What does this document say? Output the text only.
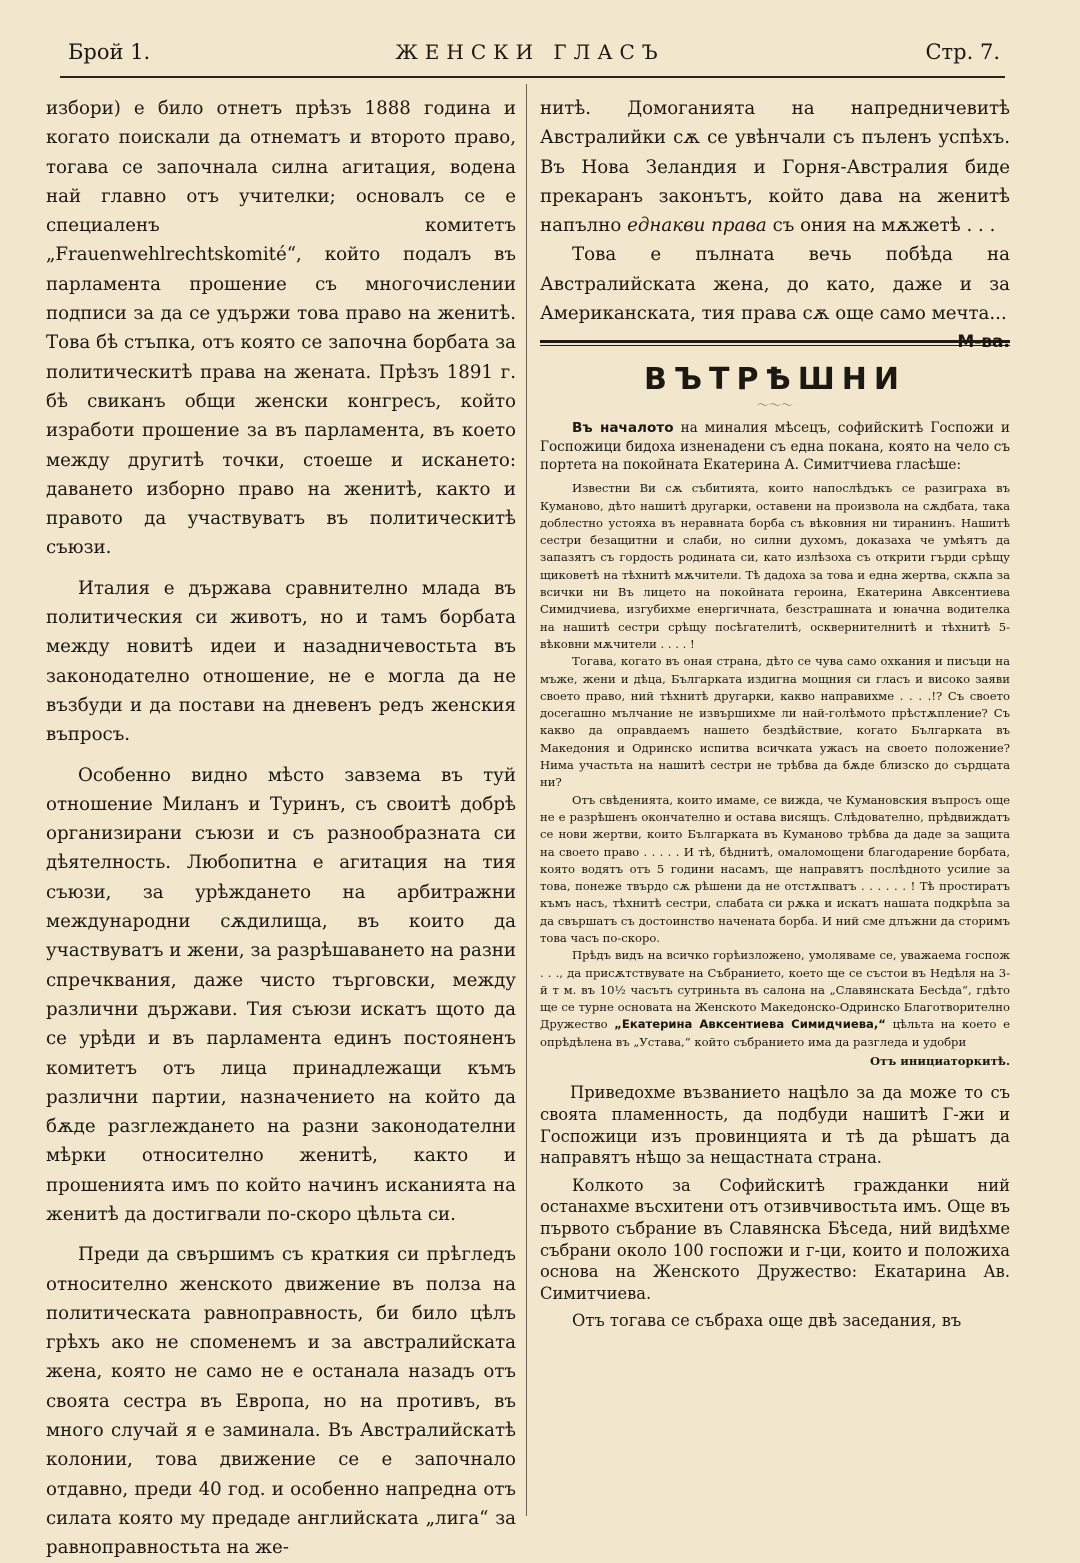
Брой 1.	ЖЕНСКИ ГЛАСЪ	Стр. 7.

избори) е било отнетъ прѣзъ 1888 година и когато поискали да отнематъ и второто право, тогава се започнала силна агитация, водена най главно отъ учителки; основалъ се е специаленъ комитетъ „Frauenwehlrechtskomité“, който подалъ въ парламента прошение съ многочислении подписи за да се удържи това право на женитѣ. Това бѣ стъпка, отъ която се започна борбата за политическитѣ права на жената. Прѣзъ 1891 г. бѣ свиканъ общи женски конгресъ, който изработи прошение за въ парламента, въ което между другитѣ точки, стоеше и искането: даването изборно право на женитѣ, както и правото да участвуватъ въ политическитѣ съюзи.

Италия е държава сравнително млада въ политическия си животъ, но и тамъ борбата между новитѣ идеи и назадничевостьта въ законодателно отношение, не е могла да не възбуди и да постави на дневенъ редъ женския въпросъ.

Особенно видно мѣсто завзема въ туй отношение Миланъ и Туринъ, съ своитѣ добрѣ организирани съюзи и съ разнообразната си дѣятелность. Любопитна е агитация на тия съюзи, за урѣждането на арбитражни международни сѫдилища, въ които да участвуватъ и жени, за разрѣшаването на разни спречквания, даже чисто търговски, между различни държави. Тия съюзи искатъ щото да се урѣди и въ парламента единъ постояненъ комитетъ отъ лица принадлежащи къмъ различни партии, назначението на който да бѫде разглеждането на разни законодателни мѣрки относително женитѣ, както и прошенията имъ по който начинъ исканията на женитѣ да достигвали по-скоро цѣльта си.

Преди да свършимъ съ краткия си прѣгледъ относително женското движение въ полза на политическата равноправность, би било цѣлъ грѣхъ ако не споменемъ и за австралийската жена, която не само не е останала назадъ отъ своята сестра въ Европа, но на противъ, въ много случай я е заминала. Въ Австралийскатѣ колонии, това движение се е започнало отдавно, преди 40 год. и особенно напредна отъ силата която му предаде английската „лига“ за равноправностьта на же-

нитѣ. Домоганията на напредничевитѣ Австралийки сѫ се увѣнчали съ пъленъ успѣхъ. Въ Нова Зеландия и Горня-Австралия биде прекаранъ законътъ, който дава на женитѣ напълно еднакви права съ ония на мѫжетѣ . . .

Това е пълната вечь побѣда на Австралийската жена, до като, даже и за Американската, тия права сѫ още само мечта...
М-ва.

ВЪТРѢШНИ
〜〜〜

Въ началото на миналия мѣсецъ, софийскитѣ Госпожи и Госпожици бидоха изненадени съ една покана, която на чело съ портета на покойната Екатерина А. Симитчиева гласѣше:

Известни Ви сѫ събитията, които напослѣдъкъ се разиграха въ Куманово, дѣто нашитѣ другарки, оставени на произвола на сѫдбата, така доблестно устояха въ неравната борба съ вѣковния ни тиранинъ. Нашитѣ сестри безащитни и слаби, но силни духомъ, доказаха че умѣятъ да запазятъ съ гордость родината си, като излѣзоха съ открити гърди срѣщу щиковетѣ на тѣхнитѣ мѫчители. Тѣ дадоха за това и една жертва, скѫпа за всички ни Въ лицето на покойната героина, Екатерина Авксентиева Симидчиева, изгубихме енергичната, безстрашната и юначна водителка на нашитѣ сестри срѣщу посѣгателитѣ, осквернителнитѣ и тѣхнитѣ 5-вѣковни мѫчители . . . . !

Тогава, когато въ оная страна, дѣто се чува само охкания и писъци на мъже, жени и дѣца, Българката издигна мощния си гласъ и високо заяви своето право, ний тѣхнитѣ другарки, какво направихме . . . .!? Съ своето досегашно мълчание не извършихме ли най-голѣмото прѣстѫпление? Съ какво да оправдаемъ нашето бездѣйствие, когато Българката въ Македония и Одринско испитва всичката ужасъ на своето положение? Нима участьта на нашитѣ сестри не трѣбва да бѫде близско до сърдцата ни?

Отъ свѣденията, които имаме, се вижда, че Кумановския въпросъ още не е разрѣшенъ окончателно и остава висящъ. Слѣдователно, прѣдвиждатъ се нови жертви, които Българката въ Куманово трѣбва да даде за защита на своето право . . . . . И тѣ, бѣднитѣ, омаломощени благодарение борбата, която водятъ отъ 5 години насамъ, ще направятъ послѣдното усилие за това, понеже твърдо сѫ рѣшени да не отстѫпватъ . . . . . . ! Тѣ простиратъ къмъ насъ, тѣхнитѣ сестри, слабата си рѫка и искатъ нашата подкрѣпа за да свършатъ съ достоинство начената борба. И ний сме длъжни да сторимъ това часъ по-скоро.

Прѣдъ видъ на всичко горѣизложено, умоляваме се, уважаема госпож . . ., да присѫтствувате на Събранието, което ще се състои въ Недѣля на 3-й т м. въ 10½ часътъ сутриньта въ салона на „Славянската Бесѣда“, гдѣто ще се турне основата на Женското Македонско-Одринско Благотворително Дружество „Екатерина Авксентиева Симидчиева,“ цѣльта на което е опрѣдѣлена въ „Устава,“ който събранието има да разгледа и удобри

Отъ инициаторкитѣ.

Приведохме възванието нацѣло за да може то съ своята пламенность, да подбуди нашитѣ Г-жи и Госпожици изъ провинцията и тѣ да рѣшатъ да направятъ нѣщо за нещастната страна.

Колкото за Софийскитѣ гражданки ний останахме въсхитени отъ отзивчивостьта имъ. Още въ първото събрание въ Славянска Бѣседа, ний видѣхме събрани около 100 госпожи и г-ци, които и положиха основа на Женското Дружество: Екатарина Ав. Симитчиева.

Отъ тогава се събраха още двѣ заседания, въ
